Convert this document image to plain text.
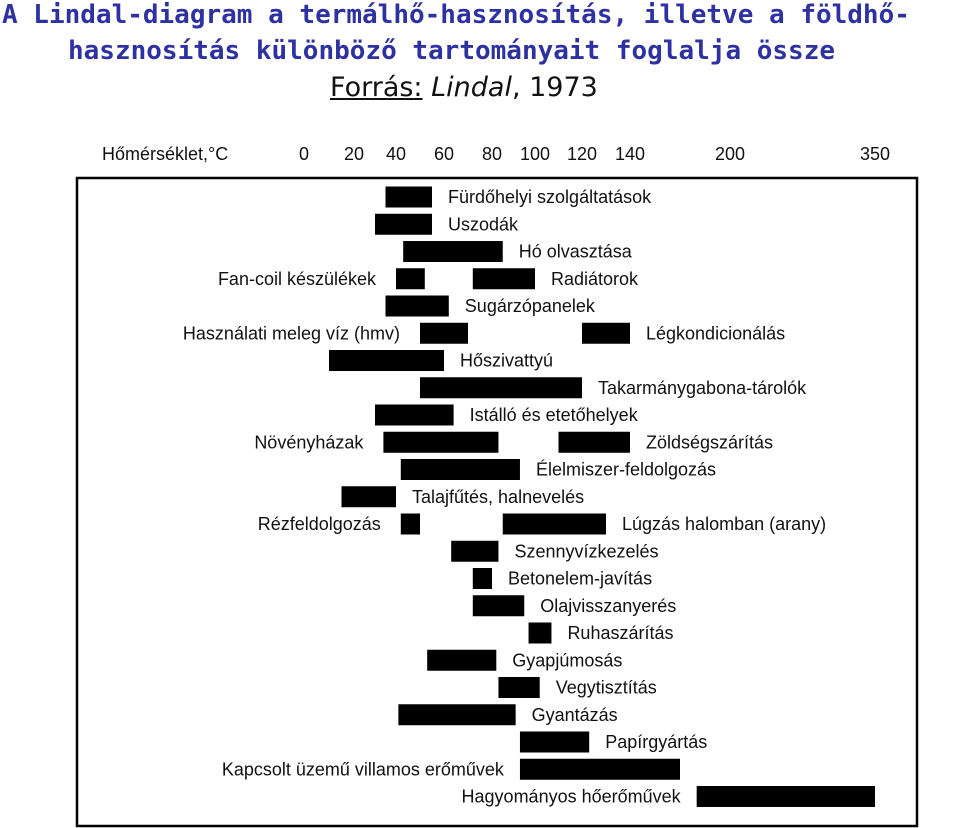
A Lindal-diagram a termálhő-hasznosítás, illetve a földhő-
hasznosítás különböző tartományait foglalja össze
Forrás: Lindal, 1973
Hőmérséklet,°C	0 20 40 60 80 100 120 140	200	350
Fürdőhelyi szolgáltatások
Uszodák
Hó olvasztása
Radiátorok
Fan-coil készülékek
Sugárzópanelek
Légkondicionálás
Használati meleg víz (hmv)
Hőszivattyú
Takarmánygabona-tárolók
Istálló és etetőhelyek
Zöldségszárítás
Növényházak
Élelmiszer-feldolgozás
Talajfűtés, halnevelés
Lúgzás halomban (arany)
Rézfeldolgozás
Szennyvízkezelés
Betonelem-javítás
Olajvisszanyerés
Ruhaszárítás
Gyapjúmosás
Vegytisztítás
Gyantázás
Papírgyártás
Kapcsolt üzemű villamos erőművek
Hagyományos hőerőművek
